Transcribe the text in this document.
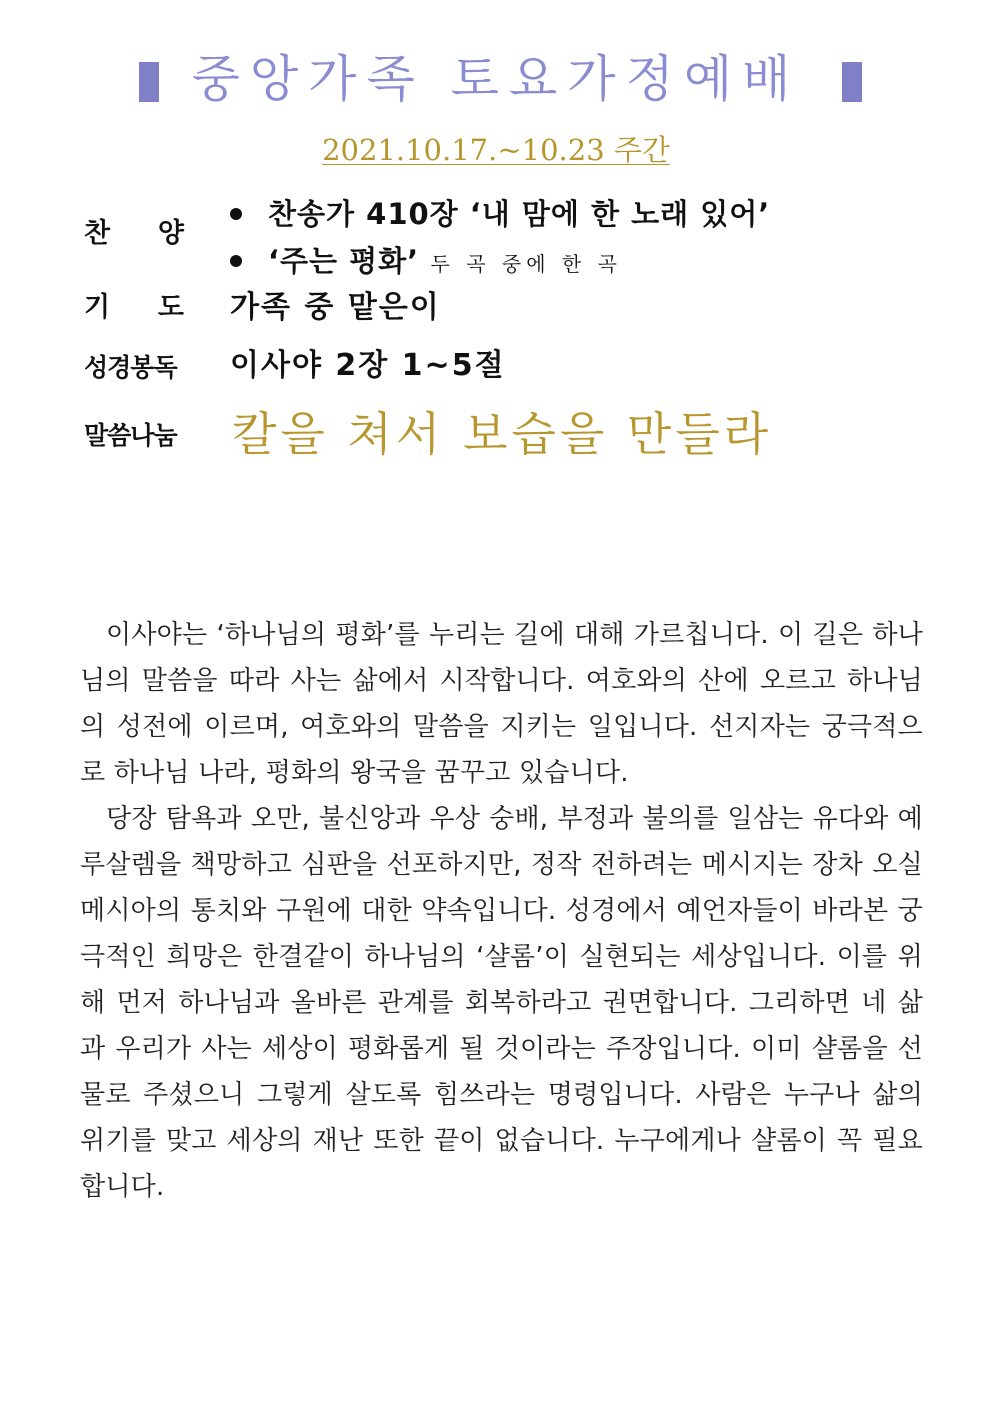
중앙가족 토요가정예배
2021.10.17.~10.23 주간
찬 양
찬송가 410장 ‘내 맘에 한 노래 있어’
‘주는 평화’ 두 곡 중에 한 곡
기 도 가족 중 맡은이
성경봉독 이사야 2장 1~5절
말씀나눔 칼을 쳐서 보습을 만들라

이사야는 ‘하나님의 평화’를 누리는 길에 대해 가르칩니다. 이 길은 하나님의 말씀을 따라 사는 삶에서 시작합니다. 여호와의 산에 오르고 하나님의 성전에 이르며, 여호와의 말씀을 지키는 일입니다. 선지자는 궁극적으로 하나님 나라, 평화의 왕국을 꿈꾸고 있습니다.

당장 탐욕과 오만, 불신앙과 우상 숭배, 부정과 불의를 일삼는 유다와 예루살렘을 책망하고 심판을 선포하지만, 정작 전하려는 메시지는 장차 오실 메시아의 통치와 구원에 대한 약속입니다. 성경에서 예언자들이 바라본 궁극적인 희망은 한결같이 하나님의 ‘샬롬’이 실현되는 세상입니다. 이를 위해 먼저 하나님과 올바른 관계를 회복하라고 권면합니다. 그리하면 네 삶과 우리가 사는 세상이 평화롭게 될 것이라는 주장입니다. 이미 샬롬을 선물로 주셨으니 그렇게 살도록 힘쓰라는 명령입니다. 사람은 누구나 삶의 위기를 맞고 세상의 재난 또한 끝이 없습니다. 누구에게나 샬롬이 꼭 필요합니다.
